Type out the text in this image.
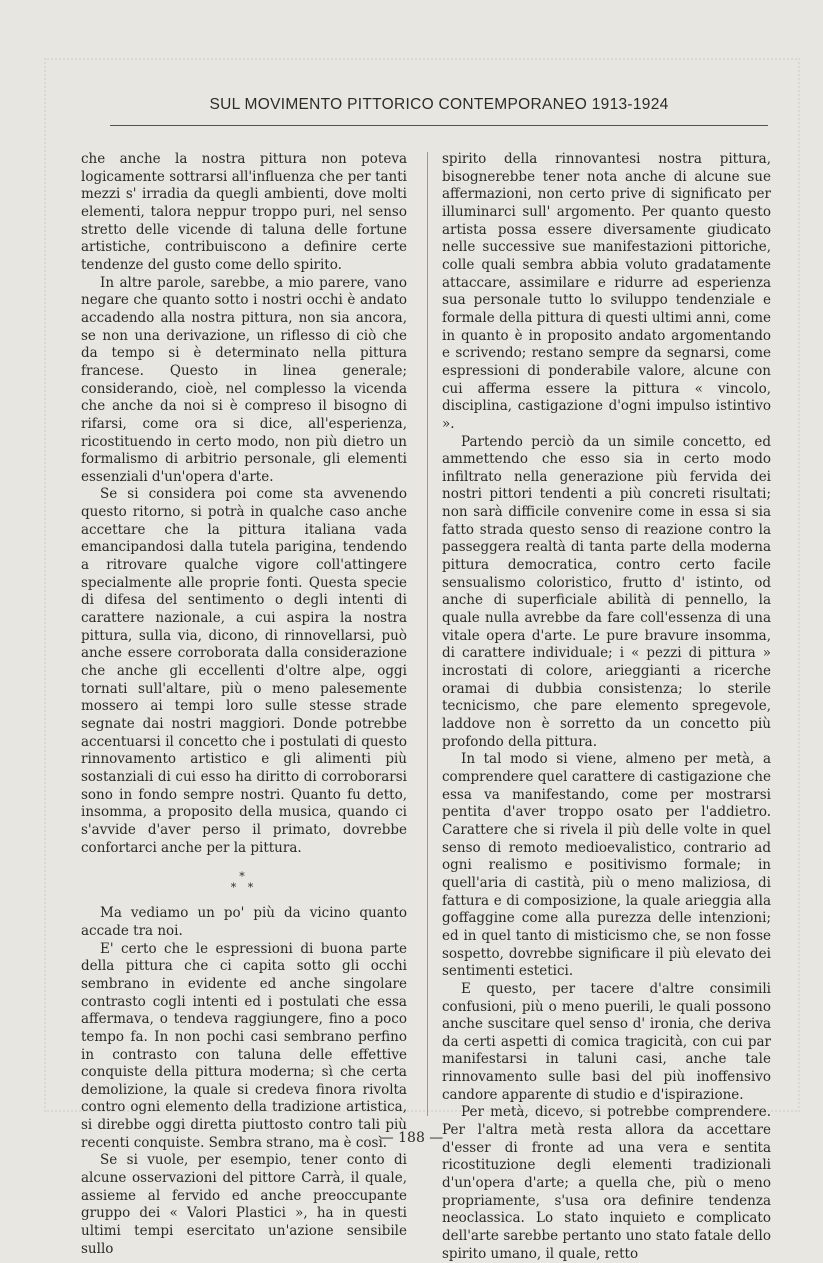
SUL MOVIMENTO PITTORICO CONTEMPORANEO 1913-1924

che anche la nostra pittura non poteva logicamente sottrarsi all'influenza che per tanti mezzi s' irradia da quegli ambienti, dove molti elementi, talora neppur troppo puri, nel senso stretto delle vicende di taluna delle fortune artistiche, contribuiscono a definire certe tendenze del gusto come dello spirito.

In altre parole, sarebbe, a mio parere, vano negare che quanto sotto i nostri occhi è andato accadendo alla nostra pittura, non sia ancora, se non una derivazione, un riflesso di ciò che da tempo si è determinato nella pittura francese. Questo in linea generale; considerando, cioè, nel complesso la vicenda che anche da noi si è compreso il bisogno di rifarsi, come ora si dice, all'esperienza, ricostituendo in certo modo, non più dietro un formalismo di arbitrio personale, gli elementi essenziali d'un'opera d'arte.

Se si considera poi come sta avvenendo questo ritorno, si potrà in qualche caso anche accettare che la pittura italiana vada emancipandosi dalla tutela parigina, tendendo a ritrovare qualche vigore coll'attingere specialmente alle proprie fonti. Questa specie di difesa del sentimento o degli intenti di carattere nazionale, a cui aspira la nostra pittura, sulla via, dicono, di rinnovellarsi, può anche essere corroborata dalla considerazione che anche gli eccellenti d'oltre alpe, oggi tornati sull'altare, più o meno palesemente mossero ai tempi loro sulle stesse strade segnate dai nostri maggiori. Donde potrebbe accentuarsi il concetto che i postulati di questo rinnovamento artistico e gli alimenti più sostanziali di cui esso ha diritto di corroborarsi sono in fondo sempre nostri. Quanto fu detto, insomma, a proposito della musica, quando ci s'avvide d'aver perso il primato, dovrebbe confortarci anche per la pittura.

*
* *

Ma vediamo un po' più da vicino quanto accade tra noi.

E' certo che le espressioni di buona parte della pittura che ci capita sotto gli occhi sembrano in evidente ed anche singolare contrasto cogli intenti ed i postulati che essa affermava, o tendeva raggiungere, fino a poco tempo fa. In non pochi casi sembrano perfino in contrasto con taluna delle effettive conquiste della pittura moderna; sì che certa demolizione, la quale si credeva finora rivolta contro ogni elemento della tradizione artistica, si direbbe oggi diretta piuttosto contro tali più recenti conquiste. Sembra strano, ma è così.

Se si vuole, per esempio, tener conto di alcune osservazioni del pittore Carrà, il quale, assieme al fervido ed anche preoccupante gruppo dei « Valori Plastici », ha in questi ultimi tempi esercitato un'azione sensibile sullo

spirito della rinnovantesi nostra pittura, bisognerebbe tener nota anche di alcune sue affermazioni, non certo prive di significato per illuminarci sull' argomento. Per quanto questo artista possa essere diversamente giudicato nelle successive sue manifestazioni pittoriche, colle quali sembra abbia voluto gradatamente attaccare, assimilare e ridurre ad esperienza sua personale tutto lo sviluppo tendenziale e formale della pittura di questi ultimi anni, come in quanto è in proposito andato argomentando e scrivendo; restano sempre da segnarsi, come espressioni di ponderabile valore, alcune con cui afferma essere la pittura « vincolo, disciplina, castigazione d'ogni impulso istintivo ».

Partendo perciò da un simile concetto, ed ammettendo che esso sia in certo modo infiltrato nella generazione più fervida dei nostri pittori tendenti a più concreti risultati; non sarà difficile convenire come in essa si sia fatto strada questo senso di reazione contro la passeggera realtà di tanta parte della moderna pittura democratica, contro certo facile sensualismo coloristico, frutto d' istinto, od anche di superficiale abilità di pennello, la quale nulla avrebbe da fare coll'essenza di una vitale opera d'arte. Le pure bravure insomma, di carattere individuale; i « pezzi di pittura » incrostati di colore, arieggianti a ricerche oramai di dubbia consistenza; lo sterile tecnicismo, che pare elemento spregevole, laddove non è sorretto da un concetto più profondo della pittura.

In tal modo si viene, almeno per metà, a comprendere quel carattere di castigazione che essa va manifestando, come per mostrarsi pentita d'aver troppo osato per l'addietro. Carattere che si rivela il più delle volte in quel senso di remoto medioevalistico, contrario ad ogni realismo e positivismo formale; in quell'aria di castità, più o meno maliziosa, di fattura e di composizione, la quale arieggia alla goffaggine come alla purezza delle intenzioni; ed in quel tanto di misticismo che, se non fosse sospetto, dovrebbe significare il più elevato dei sentimenti estetici.

E questo, per tacere d'altre consimili confusioni, più o meno puerili, le quali possono anche suscitare quel senso d' ironia, che deriva da certi aspetti di comica tragicità, con cui par manifestarsi in taluni casi, anche tale rinnovamento sulle basi del più inoffensivo candore apparente di studio e d'ispirazione.

Per metà, dicevo, si potrebbe comprendere. Per l'altra metà resta allora da accettare d'esser di fronte ad una vera e sentita ricostituzione degli elementi tradizionali d'un'opera d'arte; a quella che, più o meno propriamente, s'usa ora definire tendenza neoclassica. Lo stato inquieto e complicato dell'arte sarebbe pertanto uno stato fatale dello spirito umano, il quale, retto

— 188 —
